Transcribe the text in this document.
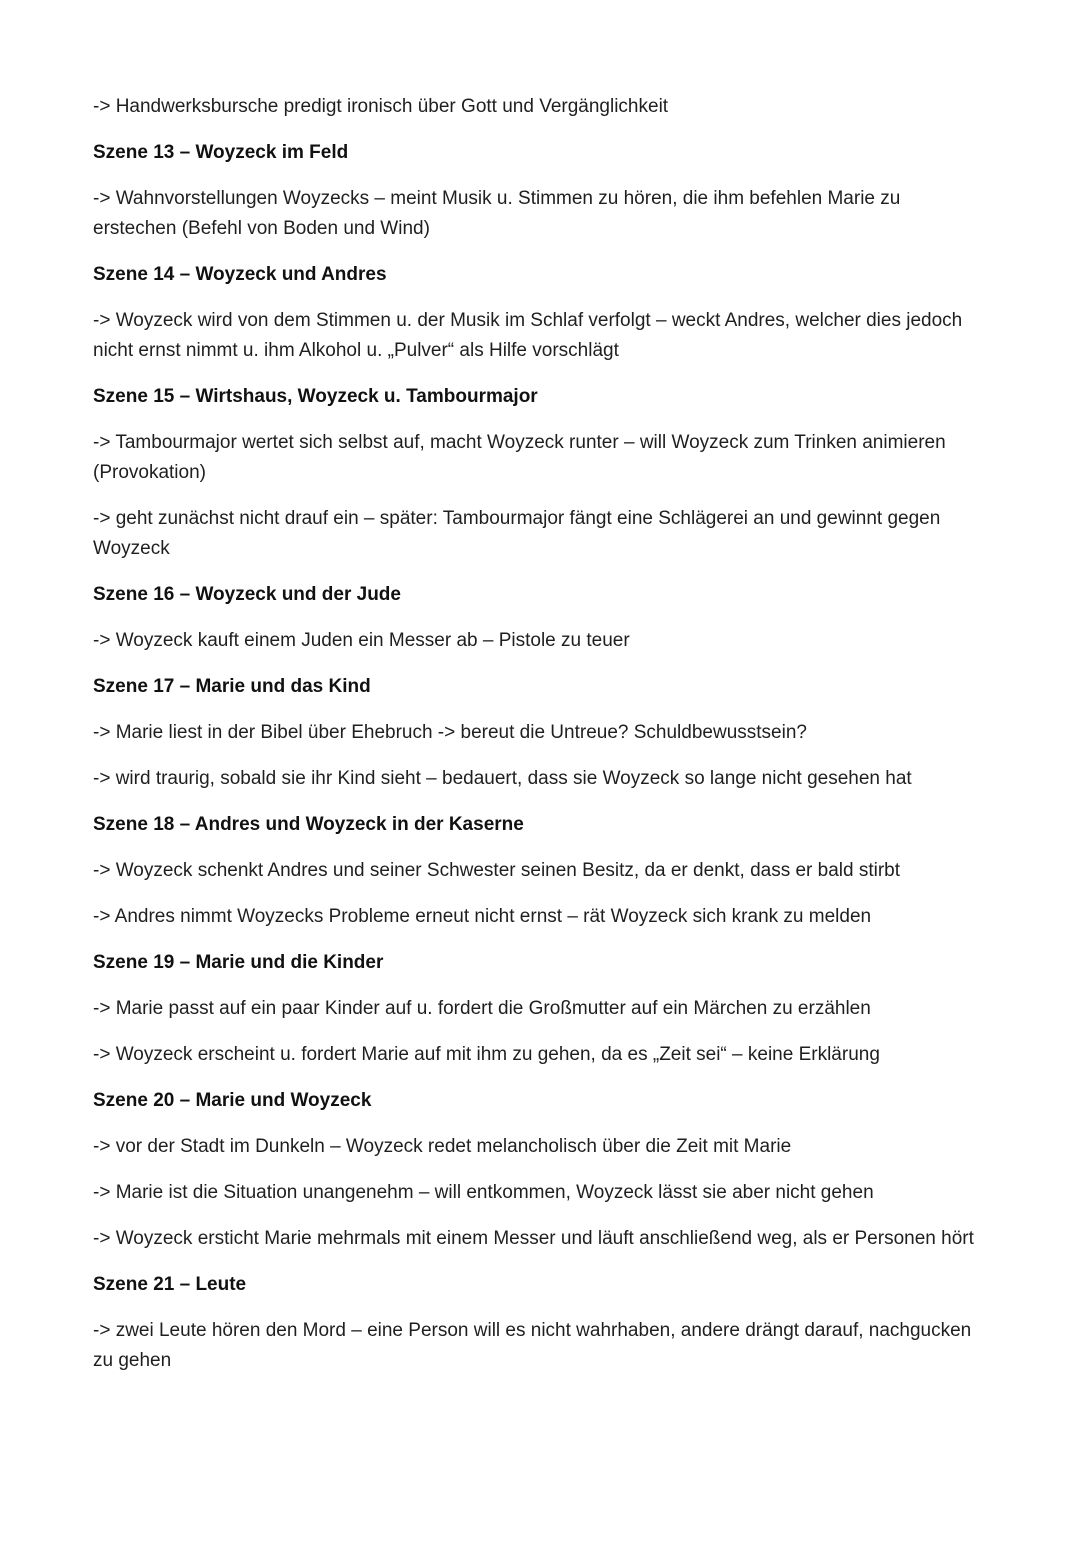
-> Handwerksbursche predigt ironisch über Gott und Vergänglichkeit

Szene 13 – Woyzeck im Feld

-> Wahnvorstellungen Woyzecks – meint Musik u. Stimmen zu hören, die ihm befehlen Marie zu erstechen (Befehl von Boden und Wind)

Szene 14 – Woyzeck und Andres

-> Woyzeck wird von dem Stimmen u. der Musik im Schlaf verfolgt – weckt Andres, welcher dies jedoch nicht ernst nimmt u. ihm Alkohol u. „Pulver“ als Hilfe vorschlägt

Szene 15 – Wirtshaus, Woyzeck u. Tambourmajor

-> Tambourmajor wertet sich selbst auf, macht Woyzeck runter – will Woyzeck zum Trinken animieren (Provokation)

-> geht zunächst nicht drauf ein – später: Tambourmajor fängt eine Schlägerei an und gewinnt gegen Woyzeck

Szene 16 – Woyzeck und der Jude

-> Woyzeck kauft einem Juden ein Messer ab – Pistole zu teuer

Szene 17 – Marie und das Kind

-> Marie liest in der Bibel über Ehebruch -> bereut die Untreue? Schuldbewusstsein?

-> wird traurig, sobald sie ihr Kind sieht – bedauert, dass sie Woyzeck so lange nicht gesehen hat

Szene 18 – Andres und Woyzeck in der Kaserne

-> Woyzeck schenkt Andres und seiner Schwester seinen Besitz, da er denkt, dass er bald stirbt

-> Andres nimmt Woyzecks Probleme erneut nicht ernst – rät Woyzeck sich krank zu melden

Szene 19 – Marie und die Kinder

-> Marie passt auf ein paar Kinder auf u. fordert die Großmutter auf ein Märchen zu erzählen

-> Woyzeck erscheint u. fordert Marie auf mit ihm zu gehen, da es „Zeit sei“ – keine Erklärung

Szene 20 – Marie und Woyzeck

-> vor der Stadt im Dunkeln – Woyzeck redet melancholisch über die Zeit mit Marie

-> Marie ist die Situation unangenehm – will entkommen, Woyzeck lässt sie aber nicht gehen

-> Woyzeck ersticht Marie mehrmals mit einem Messer und läuft anschließend weg, als er Personen hört

Szene 21 – Leute

-> zwei Leute hören den Mord – eine Person will es nicht wahrhaben, andere drängt darauf, nachgucken zu gehen
